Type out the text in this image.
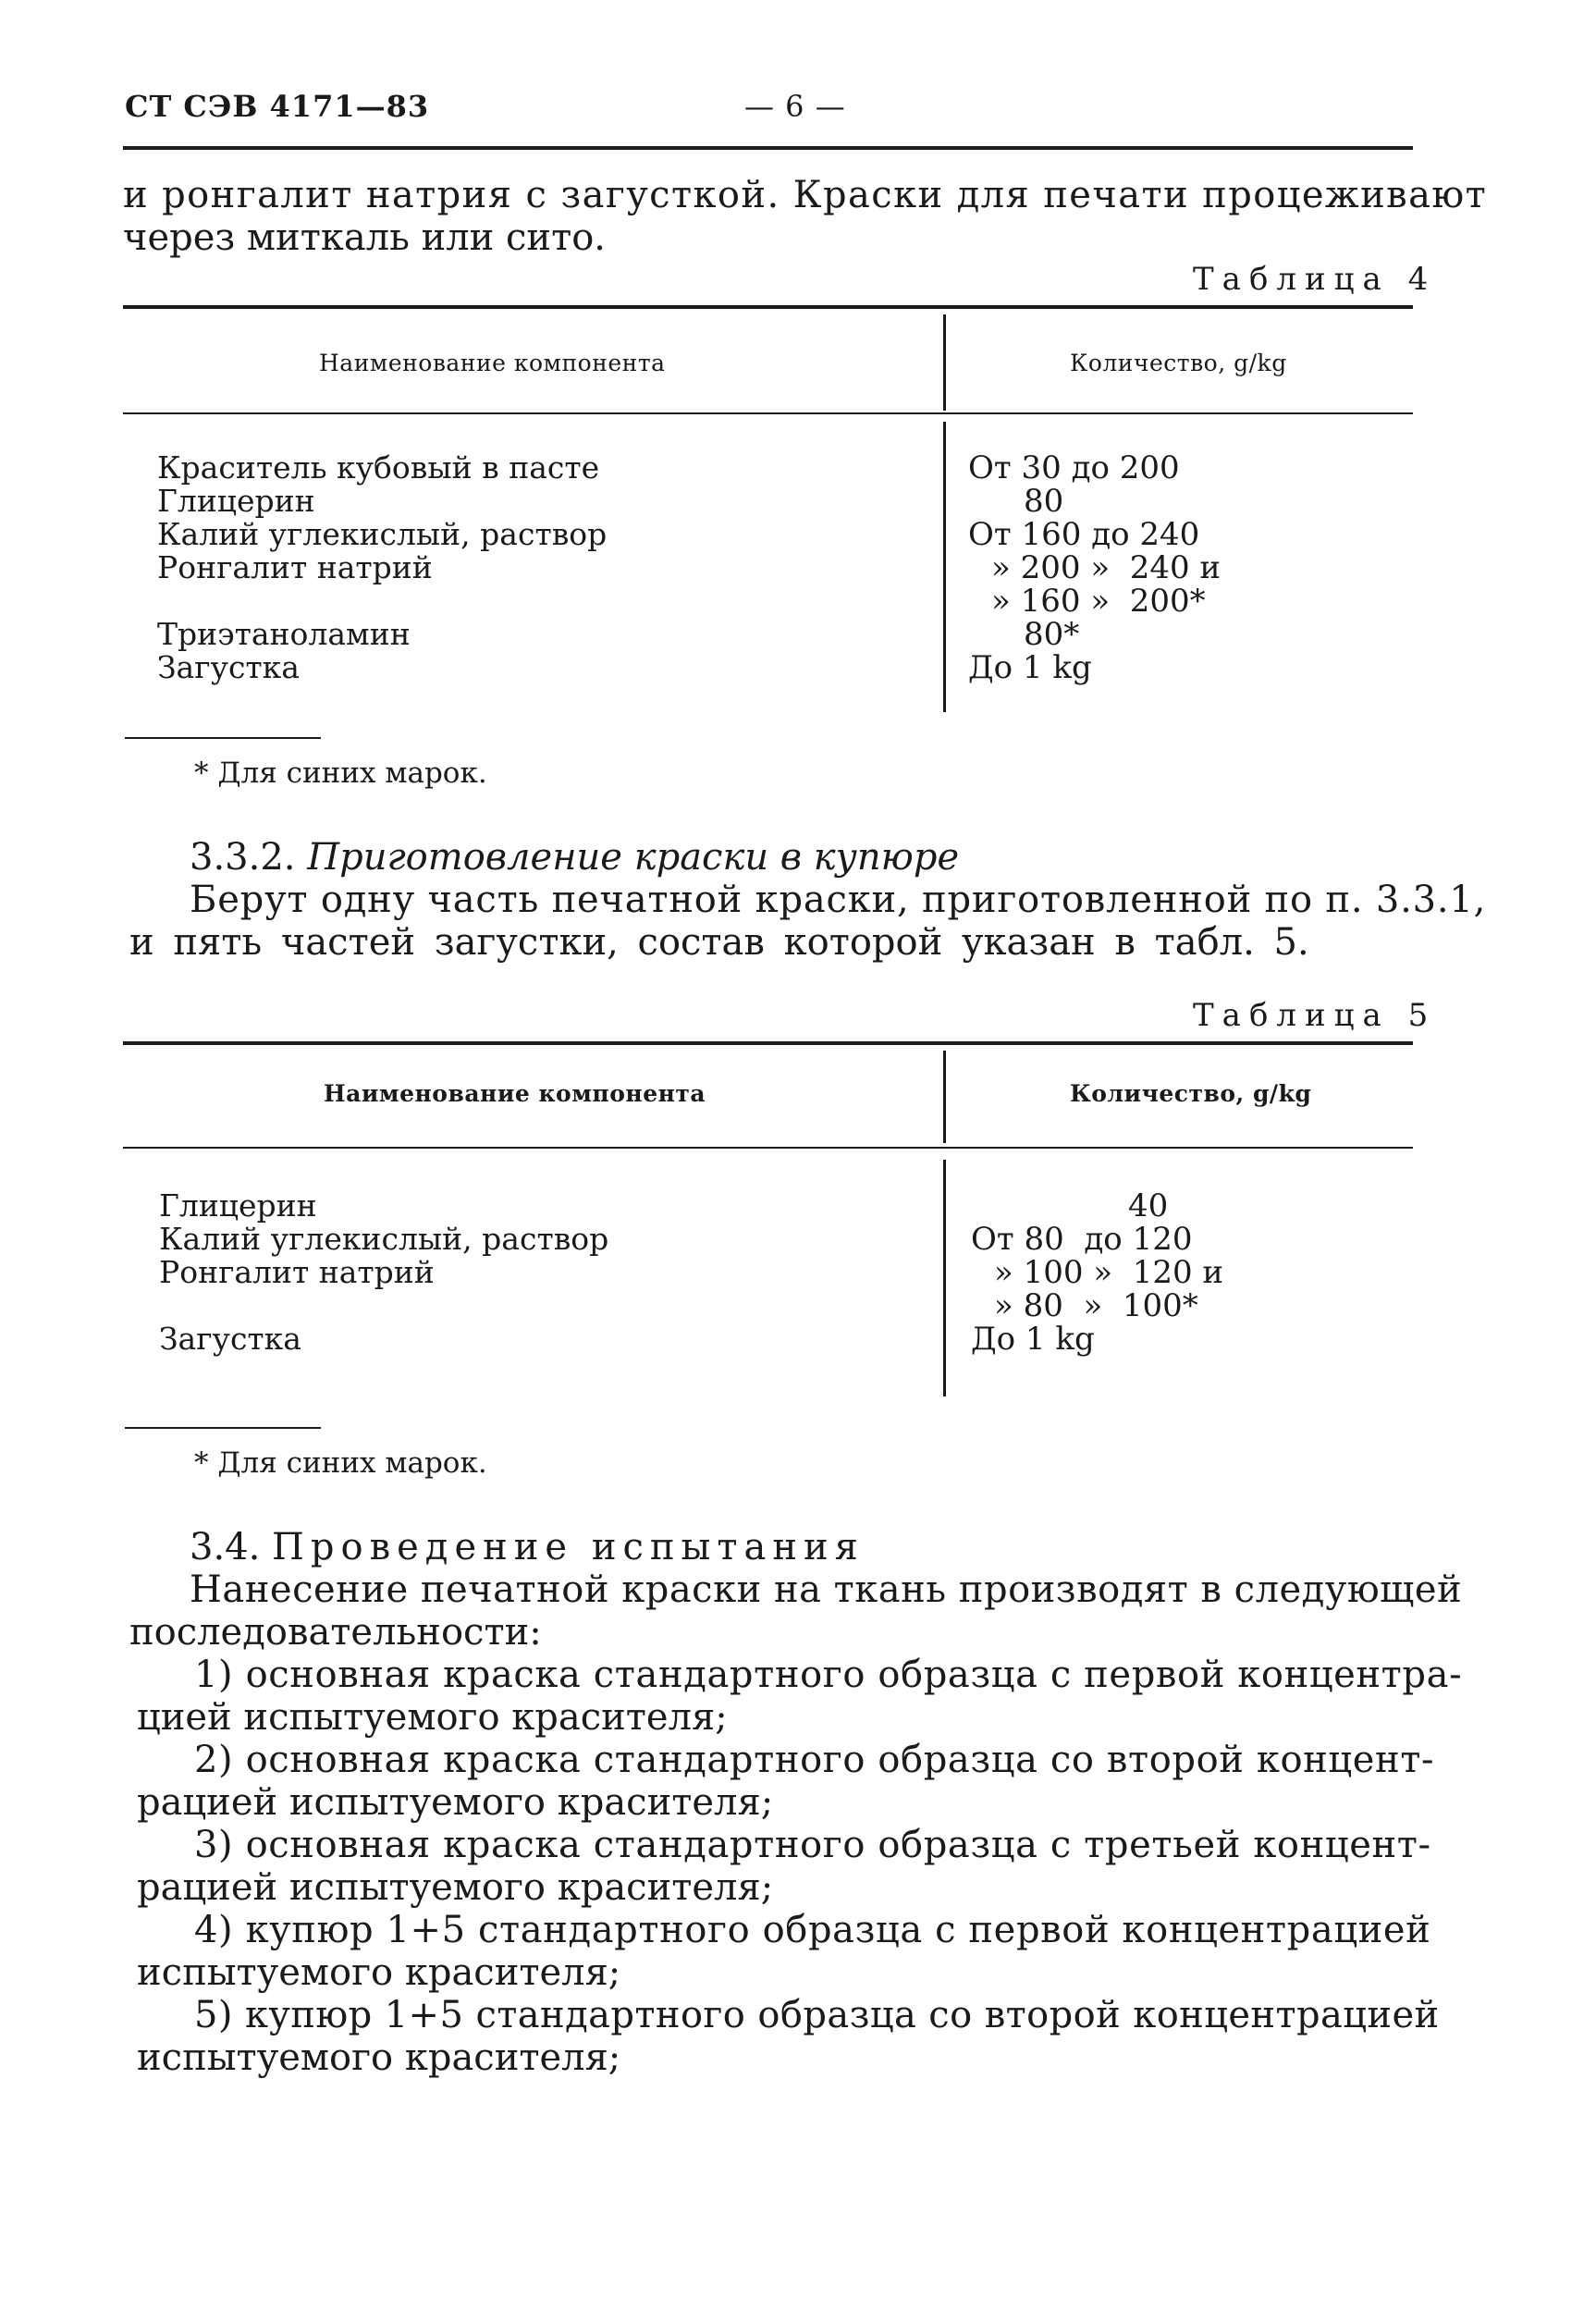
СТ СЭВ 4171—83	— 6 —
и ронгалит натрия с загусткой. Краски для печати процеживают
через миткаль или сито.
Таблица 4
Наименование компонента	Количество, g/kg
Краситель кубовый в пасте	От 30 до 200
Глицерин	80
Калий углекислый, раствор	От 160 до 240
Ронгалит натрий	» 200 »  240 и
» 160 »  200*
Триэтаноламин	80*
Загустка	До 1 kg
* Для синих марок.
3.3.2. Приготовление краски в купюре
Берут одну часть печатной краски, приготовленной по п. 3.3.1,
и пять частей загустки, состав которой указан в табл. 5.
Таблица 5
Наименование компонента	Количество, g/kg
Глицерин	40
Калий углекислый, раствор	От 80  до 120
Ронгалит натрий	» 100 »  120 и
» 80  »  100*
Загустка	До 1 kg
* Для синих марок.
3.4. Проведение испытания
Нанесение печатной краски на ткань производят в следующей
последовательности:
1) основная краска стандартного образца с первой концентра-
цией испытуемого красителя;
2) основная краска стандартного образца со второй концент-
рацией испытуемого красителя;
3) основная краска стандартного образца с третьей концент-
рацией испытуемого красителя;
4) купюр 1+5 стандартного образца с первой концентрацией
испытуемого красителя;
5) купюр 1+5 стандартного образца со второй концентрацией
испытуемого красителя;
